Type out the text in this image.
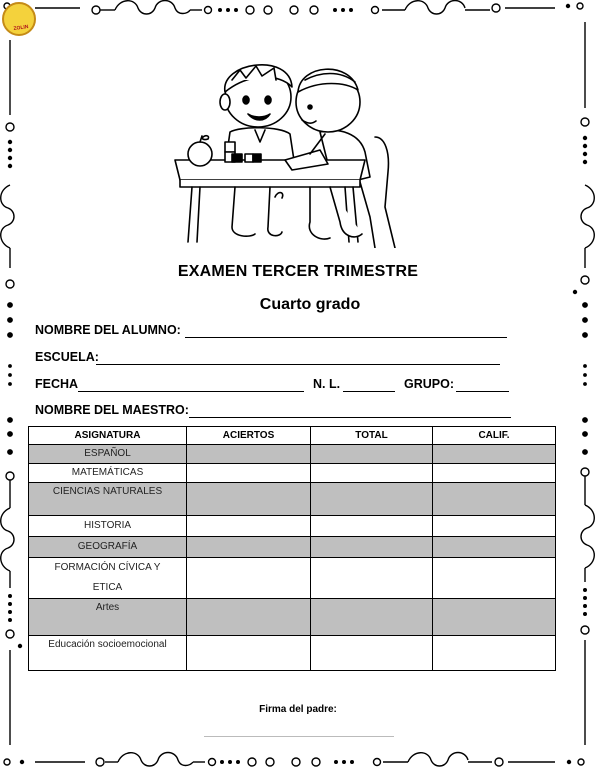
ZOLIN
EXAMEN TERCER TRIMESTRE
Cuarto grado
NOMBRE DEL ALUMNO:
ESCUELA:
FECHA	N. L.	GRUPO:
NOMBRE DEL MAESTRO:
ASIGNATURA	ACIERTOS	TOTAL	CALIF.
ESPAÑOL			
MATEMÁTICAS			
CIENCIAS NATURALES			
HISTORIA			
GEOGRAFÍA			
FORMACIÓN CÍVICA Y ETICA			
Artes			
Educación socioemocional			
Firma del padre:
